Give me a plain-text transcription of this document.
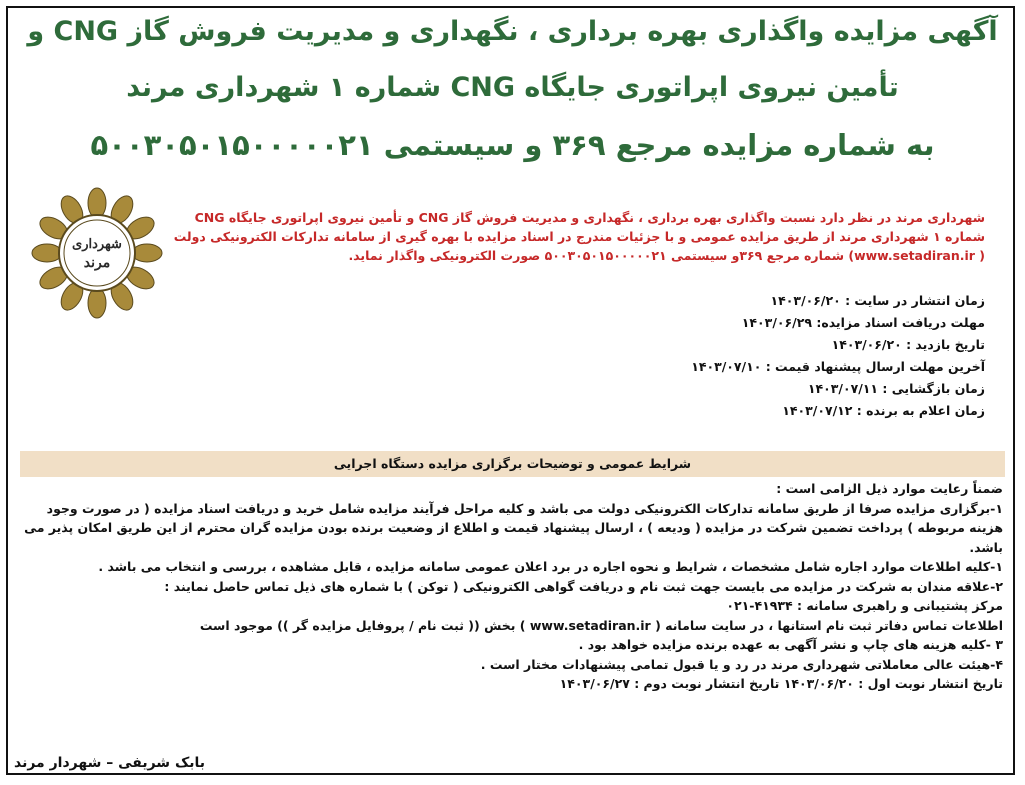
آگهی مزایده واگذاری بهره برداری ، نگهداری و مدیریت فروش گاز CNG و
تأمین نیروی اپراتوری جایگاه CNG شماره ۱ شهرداری مرند
به شماره مزایده مرجع ۳۶۹ و سیستمی ۵۰۰۳۰۵۰۱۵۰۰۰۰۰۲۱
شهرداری
مرند
شهرداری مرند در نظر دارد نسبت واگذاری بهره برداری ، نگهداری و مدیریت فروش گاز CNG و تأمین نیروی اپراتوری جایگاه CNG شماره ۱ شهرداری مرند از طریق مزایده عمومی و با جزئیات مندرج در اسناد مزایده با بهره گیری از سامانه تدارکات الکترونیکی دولت ( www.setadiran.ir) شماره مرجع ۳۶۹و سیستمی ۵۰۰۳۰۵۰۱۵۰۰۰۰۰۲۱ صورت الکترونیکی واگذار نماید.
زمان انتشار در سایت : ۱۴۰۳/۰۶/۲۰
مهلت دریافت اسناد مزایده: ۱۴۰۳/۰۶/۲۹
تاریخ بازدید : ۱۴۰۳/۰۶/۲۰
آخرین مهلت ارسال پیشنهاد قیمت : ۱۴۰۳/۰۷/۱۰
زمان بازگشایی : ۱۴۰۳/۰۷/۱۱
زمان اعلام به برنده : ۱۴۰۳/۰۷/۱۲
شرایط عمومی و توضیحات برگزاری مزایده دستگاه اجرایی

ضمناً رعایت موارد ذیل الزامی است :

۱-برگزاری مزایده صرفا از طریق سامانه تدارکات الکترونیکی دولت می باشد و کلیه مراحل فرآیند مزایده شامل خرید و دریافت اسناد مزایده ( در صورت وجود هزینه مربوطه ) پرداخت تضمین شرکت در مزایده ( ودیعه ) ، ارسال پیشنهاد قیمت و اطلاع از وضعیت برنده بودن مزایده گران محترم از این طریق امکان پذیر می باشد.

۱-کلیه اطلاعات موارد اجاره شامل مشخصات ، شرایط و نحوه اجاره در برد اعلان عمومی سامانه مزایده ، قابل مشاهده ، بررسی و انتخاب می باشد .

۲-علاقه مندان به شرکت در مزایده می بایست جهت ثبت نام و دریافت گواهی الکترونیکی ( توکن ) با شماره های ذیل تماس حاصل نمایند :

مرکز پشتیبانی و راهبری سامانه : ۴۱۹۳۴-۰۲۱

اطلاعات تماس دفاتر ثبت نام استانها ، در سایت سامانه ( www.setadiran.ir ) بخش (( ثبت نام / پروفایل مزایده گر )) موجود است

۳ -کلیه هزینه های چاپ و نشر آگهی به عهده برنده مزایده خواهد بود .

۴-هیئت عالی معاملاتی شهرداری مرند در رد و یا قبول تمامی پیشنهادات مختار است .

تاریخ انتشار نوبت اول : ۱۴۰۳/۰۶/۲۰ تاریخ انتشار نوبت دوم : ۱۴۰۳/۰۶/۲۷

بابک شریفی – شهردار مرند
